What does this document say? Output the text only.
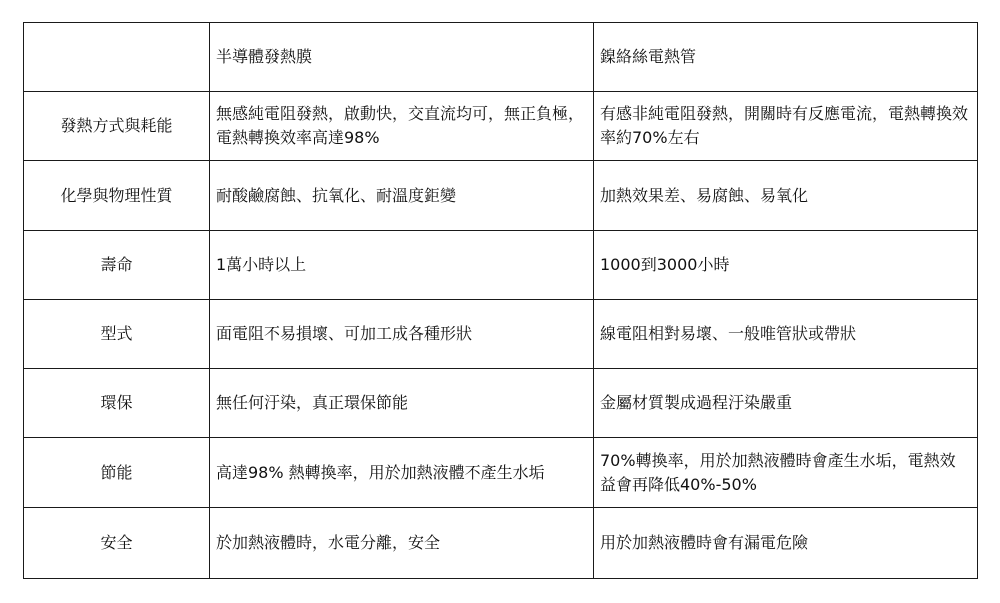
	半導體發熱膜	鎳絡絲電熱管
發熱方式與耗能	無感純電阻發熱，啟動快，交直流均可，無正負極，電熱轉換效率高達98%	有感非純電阻發熱，開關時有反應電流，電熱轉換效率約70%左右
化學與物理性質	耐酸鹼腐蝕、抗氧化、耐溫度鉅變	加熱效果差、易腐蝕、易氧化
壽命	1萬小時以上	1000到3000小時
型式	面電阻不易損壞、可加工成各種形狀	線電阻相對易壞、一般唯管狀或帶狀
環保	無任何汙染，真正環保節能	金屬材質製成過程汙染嚴重
節能	高達98% 熱轉換率，用於加熱液體不產生水垢	70%轉換率，用於加熱液體時會產生水垢，電熱效益會再降低40%-50%
安全	於加熱液體時，水電分離，安全	用於加熱液體時會有漏電危險
